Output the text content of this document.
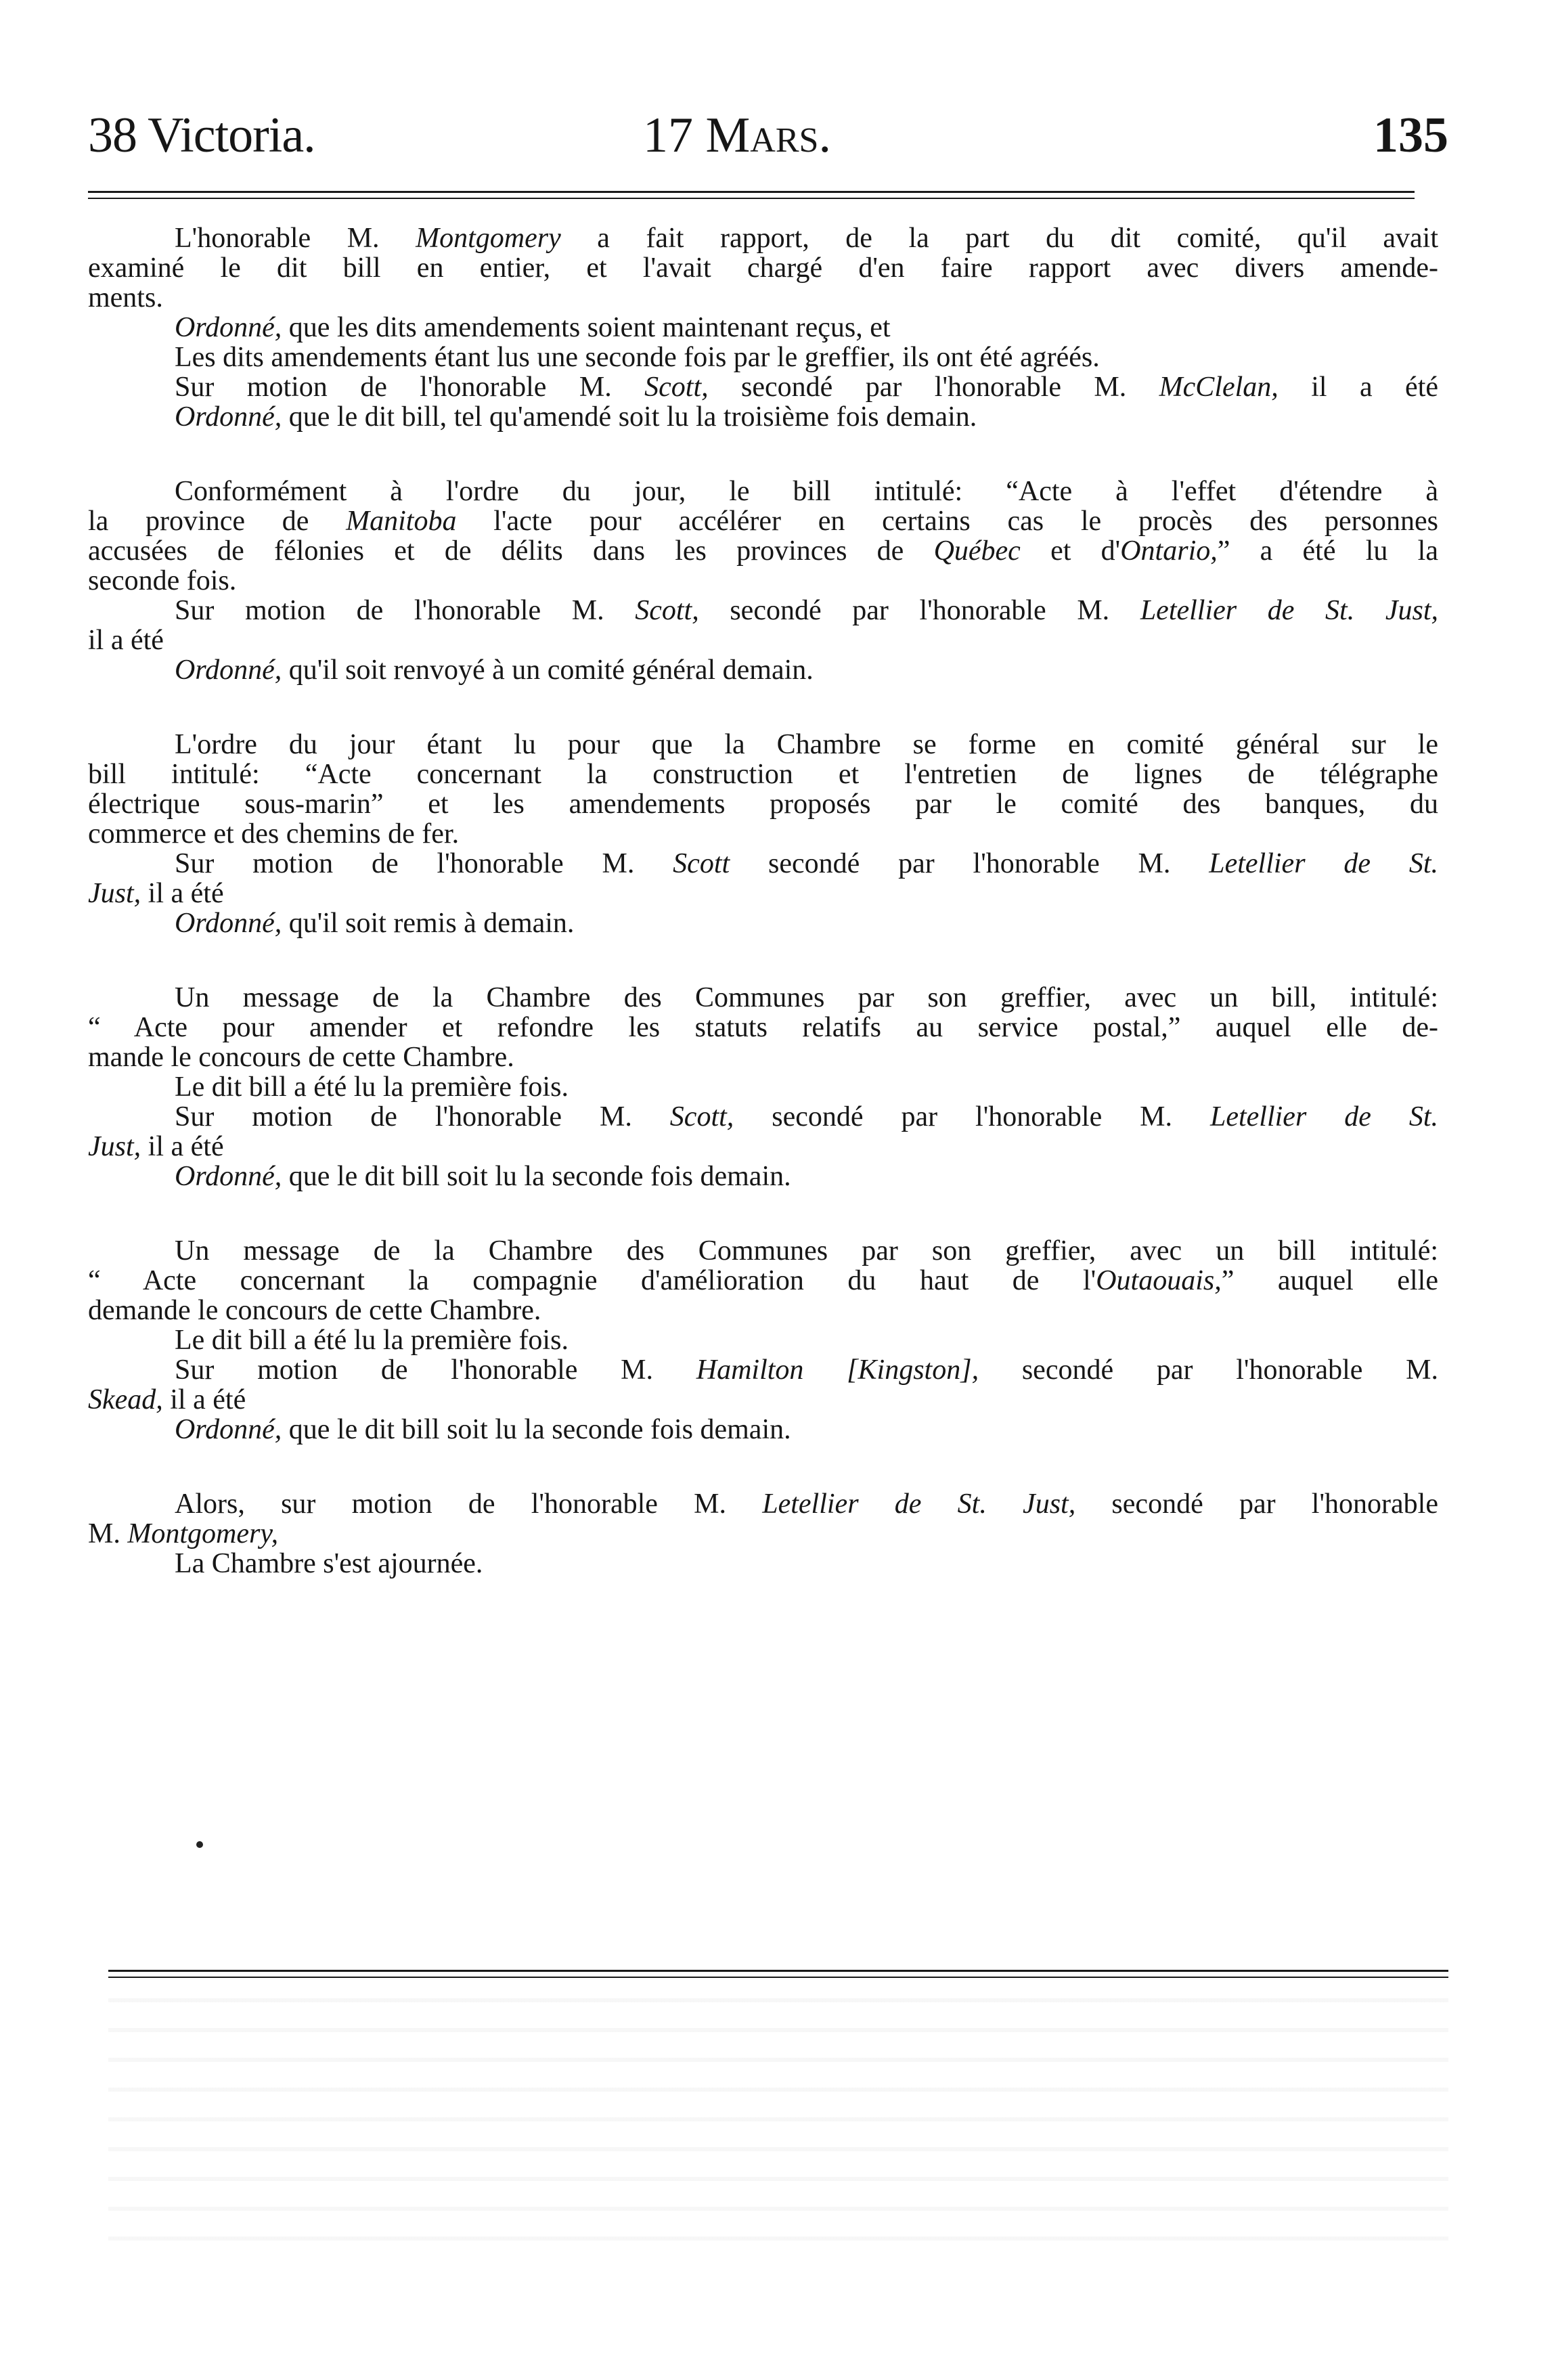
38 Victoria.	17 Mars.	135
L'honorable M. Montgomery a fait rapport, de la part du dit comité, qu'il avait
examiné le dit bill en entier, et l'avait chargé d'en faire rapport avec divers amende-
ments.
Ordonné, que les dits amendements soient maintenant reçus, et
Les dits amendements étant lus une seconde fois par le greffier, ils ont été agréés.
Sur motion de l'honorable M. Scott, secondé par l'honorable M. McClelan, il a été
Ordonné, que le dit bill, tel qu'amendé soit lu la troisième fois demain.
Conformément à l'ordre du jour, le bill intitulé: “Acte à l'effet d'étendre à
la province de Manitoba l'acte pour accélérer en certains cas le procès des personnes
accusées de félonies et de délits dans les provinces de Québec et d'Ontario,” a été lu la
seconde fois.
Sur motion de l'honorable M. Scott, secondé par l'honorable M. Letellier de St. Just,
il a été
Ordonné, qu'il soit renvoyé à un comité général demain.
L'ordre du jour étant lu pour que la Chambre se forme en comité général sur le
bill intitulé: “Acte concernant la construction et l'entretien de lignes de télégraphe
électrique sous-marin” et les amendements proposés par le comité des banques, du
commerce et des chemins de fer.
Sur motion de l'honorable M. Scott secondé par l'honorable M. Letellier de St.
Just, il a été
Ordonné, qu'il soit remis à demain.
Un message de la Chambre des Communes par son greffier, avec un bill, intitulé:
“ Acte pour amender et refondre les statuts relatifs au service postal,” auquel elle de-
mande le concours de cette Chambre.
Le dit bill a été lu la première fois.
Sur motion de l'honorable M. Scott, secondé par l'honorable M. Letellier de St.
Just, il a été
Ordonné, que le dit bill soit lu la seconde fois demain.
Un message de la Chambre des Communes par son greffier, avec un bill intitulé:
“ Acte concernant la compagnie d'amélioration du haut de l'Outaouais,” auquel elle
demande le concours de cette Chambre.
Le dit bill a été lu la première fois.
Sur motion de l'honorable M. Hamilton [Kingston], secondé par l'honorable M.
Skead, il a été
Ordonné, que le dit bill soit lu la seconde fois demain.
Alors, sur motion de l'honorable M. Letellier de St. Just, secondé par l'honorable
M. Montgomery,
La Chambre s'est ajournée.
